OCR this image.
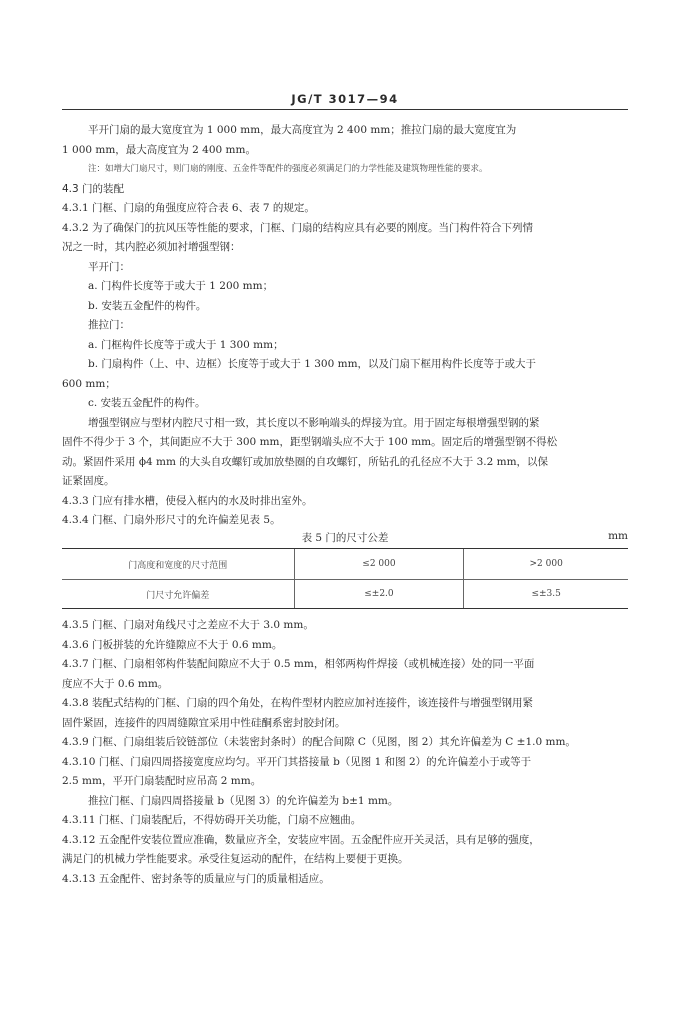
JG/T 3017—94
平开门扇的最大宽度宜为 1 000 mm，最大高度宜为 2 400 mm；推拉门扇的最大宽度宜为
1 000 mm，最大高度宜为 2 400 mm。
注：如增大门扇尺寸，则门扇的刚度、五金件等配件的强度必须满足门的力学性能及建筑物理性能的要求。
4.3 门的装配
4.3.1 门框、门扇的角强度应符合表 6、表 7 的规定。
4.3.2 为了确保门的抗风压等性能的要求，门框、门扇的结构应具有必要的刚度。当门构件符合下列情
况之一时，其内腔必须加衬增强型钢：
平开门：
a. 门构件长度等于或大于 1 200 mm；
b. 安装五金配件的构件。
推拉门：
a. 门框构件长度等于或大于 1 300 mm；
b. 门扇构件（上、中、边框）长度等于或大于 1 300 mm，以及门扇下框用构件长度等于或大于
600 mm；
c. 安装五金配件的构件。
增强型钢应与型材内腔尺寸相一致，其长度以不影响端头的焊接为宜。用于固定每根增强型钢的紧
固件不得少于 3 个，其间距应不大于 300 mm，距型钢端头应不大于 100 mm。固定后的增强型钢不得松
动。紧固件采用 ϕ4 mm 的大头自攻螺钉或加放垫圈的自攻螺钉，所钻孔的孔径应不大于 3.2 mm，以保
证紧固度。
4.3.3 门应有排水槽，使侵入框内的水及时排出室外。
4.3.4 门框、门扇外形尺寸的允许偏差见表 5。
表 5 门的尺寸公差	mm
门高度和宽度的尺寸范围	≤2 000	>2 000
门尺寸允许偏差	≤±2.0	≤±3.5
4.3.5 门框、门扇对角线尺寸之差应不大于 3.0 mm。
4.3.6 门板拼装的允许缝隙应不大于 0.6 mm。
4.3.7 门框、门扇相邻构件装配间隙应不大于 0.5 mm，相邻两构件焊接（或机械连接）处的同一平面
度应不大于 0.6 mm。
4.3.8 装配式结构的门框、门扇的四个角处，在构件型材内腔应加衬连接件，该连接件与增强型钢用紧
固件紧固，连接件的四周缝隙宜采用中性硅酮系密封胶封闭。
4.3.9 门框、门扇组装后铰链部位（未装密封条时）的配合间隙 C（见图，图 2）其允许偏差为 C ±1.0 mm。
4.3.10 门框、门扇四周搭接宽度应均匀。平开门其搭接量 b（见图 1 和图 2）的允许偏差小于或等于
2.5 mm，平开门扇装配时应吊高 2 mm。
推拉门框、门扇四周搭接量 b（见图 3）的允许偏差为 b±1 mm。
4.3.11 门框、门扇装配后，不得妨碍开关功能，门扇不应翘曲。
4.3.12 五金配件安装位置应准确，数量应齐全，安装应牢固。五金配件应开关灵活，具有足够的强度，
满足门的机械力学性能要求。承受往复运动的配件，在结构上要便于更换。
4.3.13 五金配件、密封条等的质量应与门的质量相适应。
